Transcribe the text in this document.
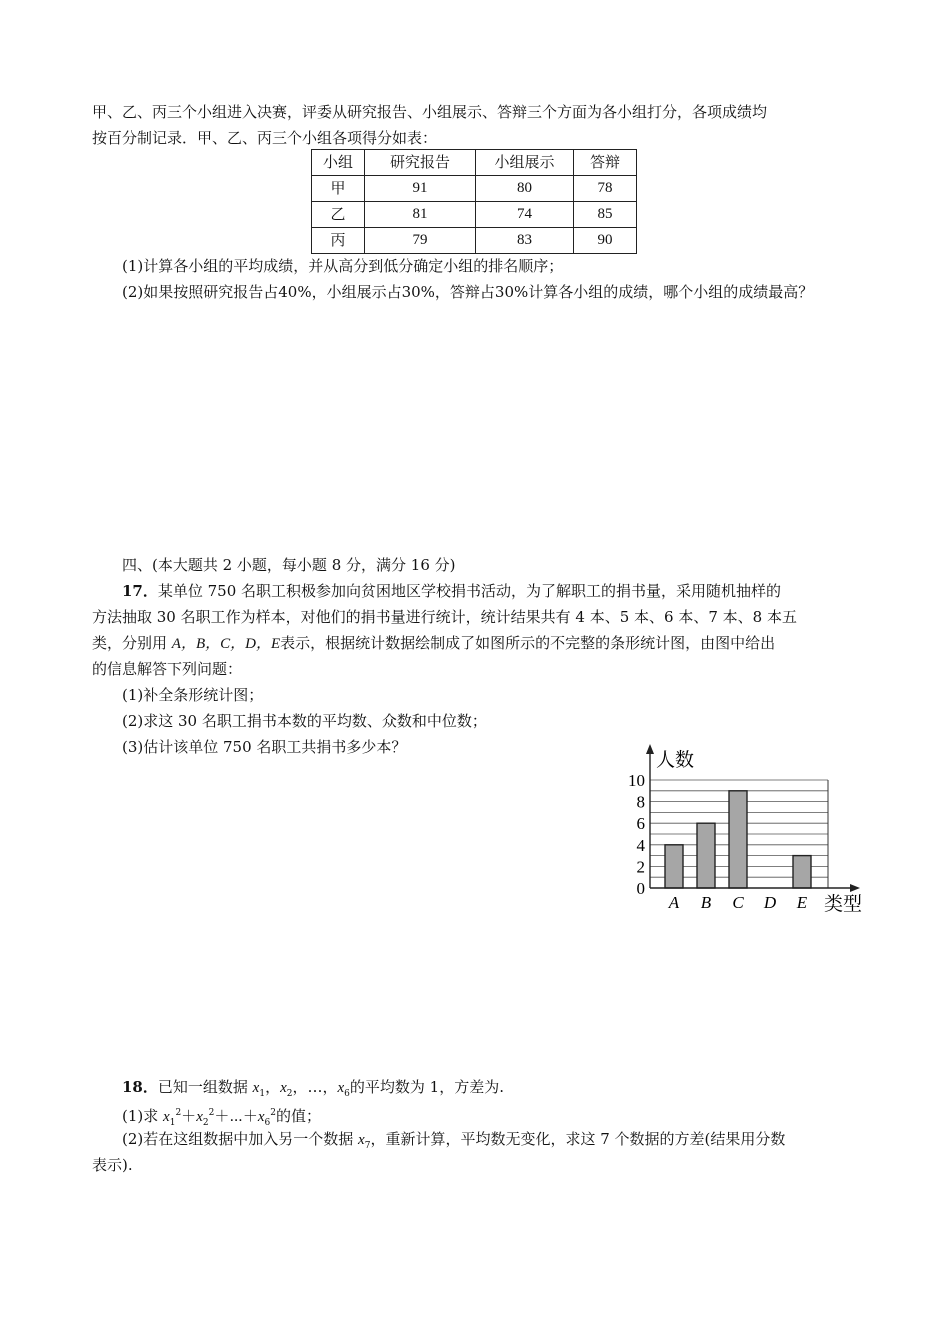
甲、乙、丙三个小组进入决赛，评委从研究报告、小组展示、答辩三个方面为各小组打分，各项成绩均

按百分制记录．甲、乙、丙三个小组各项得分如表：

小组	研究报告	小组展示	答辩
甲	91	80	78
乙	81	74	85
丙	79	83	90

(1)计算各小组的平均成绩，并从高分到低分确定小组的排名顺序；

(2)如果按照研究报告占40%，小组展示占30%，答辩占30%计算各小组的成绩，哪个小组的成绩最高？

四、(本大题共 2 小题，每小题 8 分，满分 16 分)

17．某单位 750 名职工积极参加向贫困地区学校捐书活动，为了解职工的捐书量，采用随机抽样的

方法抽取 30 名职工作为样本，对他们的捐书量进行统计，统计结果共有 4 本、5 本、6 本、7 本、8 本五

类，分别用 A，B，C，D，E表示，根据统计数据绘制成了如图所示的不完整的条形统计图，由图中给出

的信息解答下列问题：

(1)补全条形统计图；

(2)求这 30 名职工捐书本数的平均数、众数和中位数；

(3)估计该单位 750 名职工共捐书多少本？

0
2
4
6
8
10
A B C D E
人数
类型

18．已知一组数据 $x_1$，$x_2$，…，$x_6$的平均数为 1，方差为.

(1)求 $x_1^2+x_2^2+\cdots+x_6^2$的值；

(2)若在这组数据中加入另一个数据 $x_7$，重新计算，平均数无变化，求这 7 个数据的方差(结果用分数

表示).
